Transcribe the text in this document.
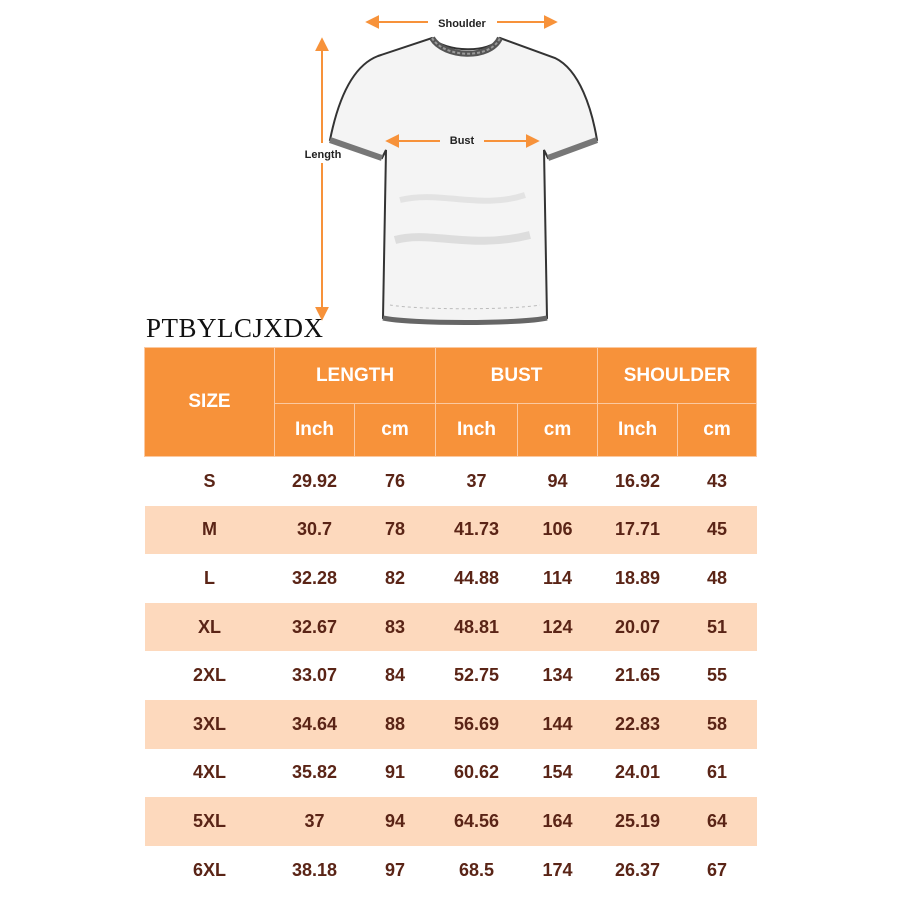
Shoulder
Bust
Length
PTBYLCJXDX
SIZE	LENGTH		BUST		SHOULDER	
	Inch	cm	Inch	cm	Inch	cm
S	29.92	76	37	94	16.92	43
M	30.7	78	41.73	106	17.71	45
L	32.28	82	44.88	114	18.89	48
XL	32.67	83	48.81	124	20.07	51
2XL	33.07	84	52.75	134	21.65	55
3XL	34.64	88	56.69	144	22.83	58
4XL	35.82	91	60.62	154	24.01	61
5XL	37	94	64.56	164	25.19	64
6XL	38.18	97	68.5	174	26.37	67
